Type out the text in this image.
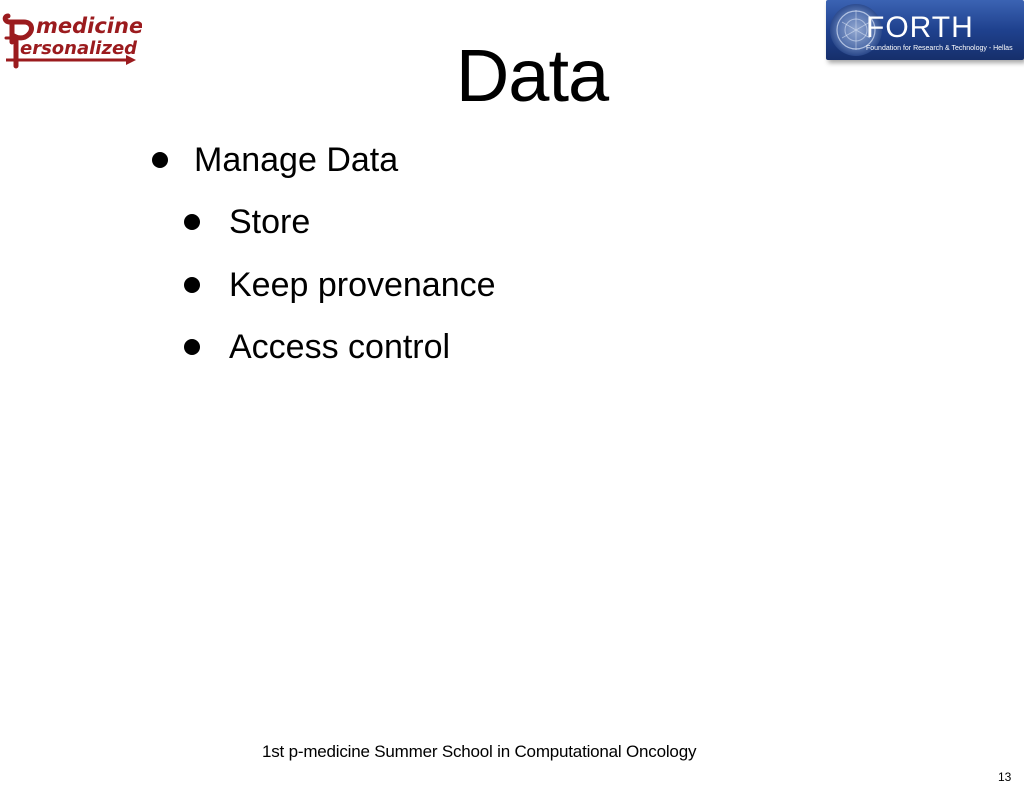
medicine
ersonalized
FORTH
Foundation for Research & Technology - Hellas
Data
Manage Data
Store
Keep provenance
Access control
1st p-medicine Summer School in Computational Oncology
13
